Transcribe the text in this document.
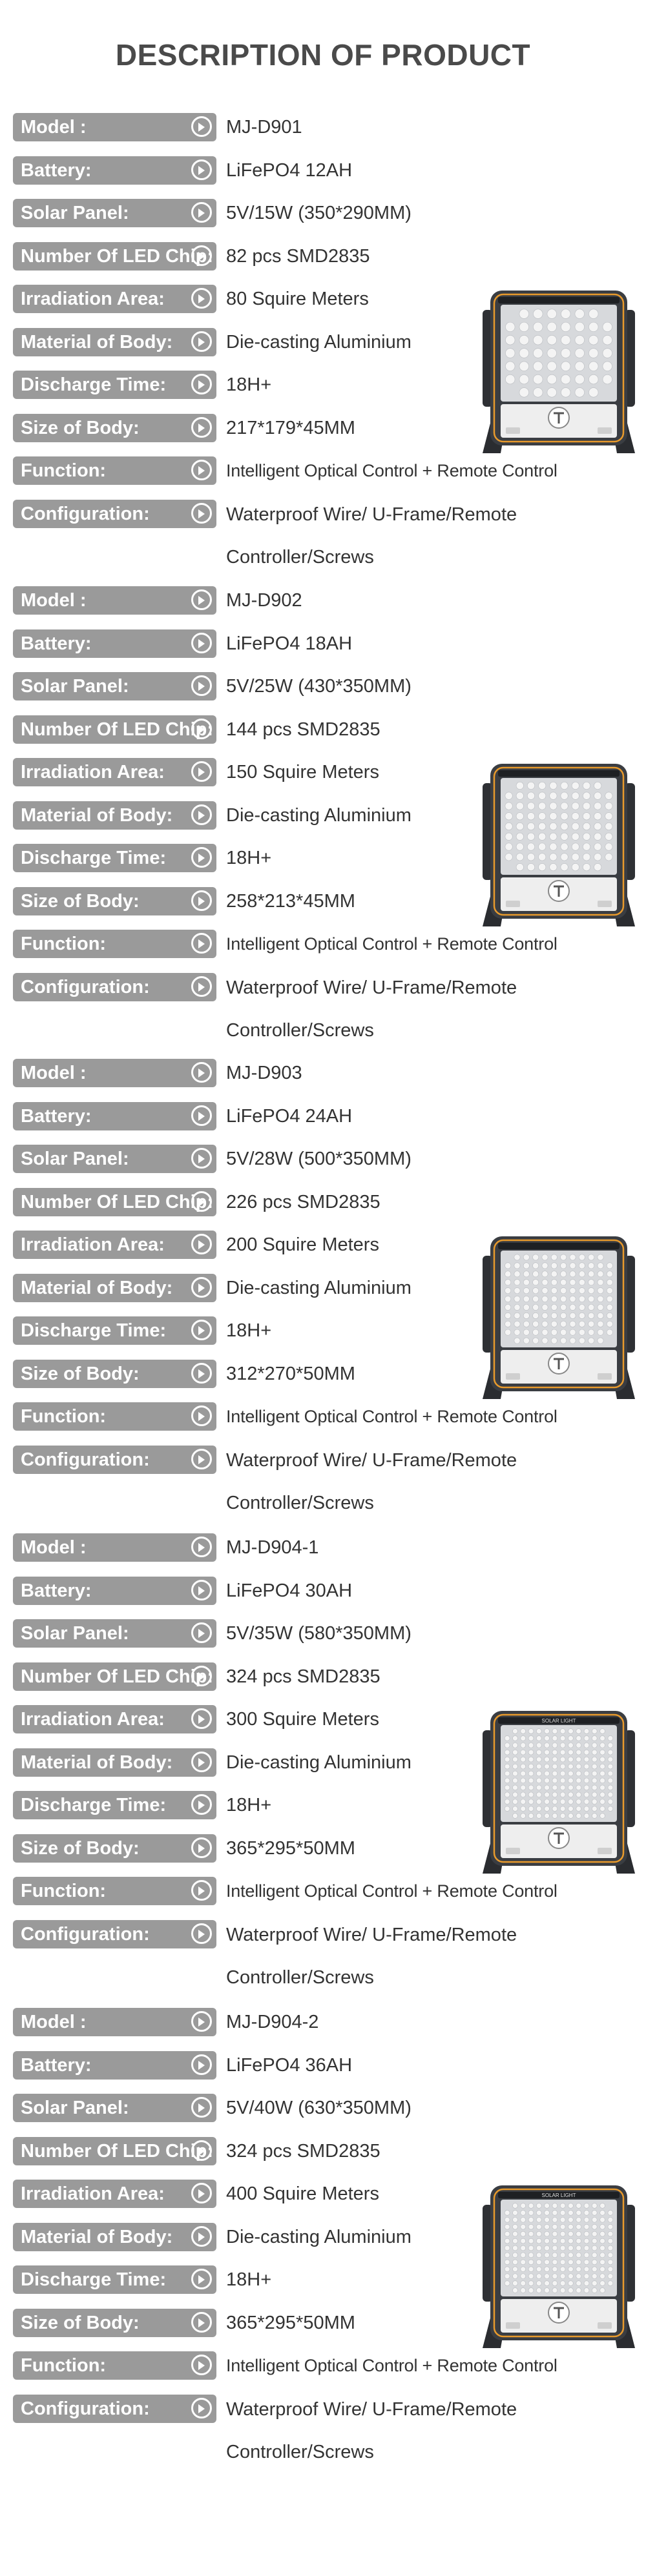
DESCRIPTION OF PRODUCT
Model :	MJ-D901
Battery:	LiFePO4 12AH
Solar Panel:	5V/15W (350*290MM)
Number Of LED Chip: 82 pcs SMD2835
Irradiation Area:	80 Squire Meters
Material of Body:	Die-casting Aluminium
Discharge Time:	18H+
Size of Body:	217*179*45MM
Function:	Intelligent Optical Control + Remote Control
Configuration:	Waterproof Wire/ U-Frame/Remote Controller/Screws
Model :	MJ-D902
Battery:	LiFePO4 18AH
Solar Panel:	5V/25W (430*350MM)
Number Of LED Chip: 144 pcs SMD2835
Irradiation Area:	150 Squire Meters
Material of Body:	Die-casting Aluminium
Discharge Time:	18H+
Size of Body:	258*213*45MM
Function:	Intelligent Optical Control + Remote Control
Configuration:	Waterproof Wire/ U-Frame/Remote Controller/Screws
Model :	MJ-D903
Battery:	LiFePO4 24AH
Solar Panel:	5V/28W (500*350MM)
Number Of LED Chip: 226 pcs SMD2835
Irradiation Area:	200 Squire Meters
Material of Body:	Die-casting Aluminium
Discharge Time:	18H+
Size of Body:	312*270*50MM
Function:	Intelligent Optical Control + Remote Control
Configuration:	Waterproof Wire/ U-Frame/Remote Controller/Screws
Model :	MJ-D904-1
Battery:	LiFePO4 30AH
Solar Panel:	5V/35W (580*350MM)
Number Of LED Chip: 324 pcs SMD2835
Irradiation Area:	300 Squire Meters
Material of Body:	Die-casting Aluminium
Discharge Time:	18H+
Size of Body:	365*295*50MM
Function:	Intelligent Optical Control + Remote Control
Configuration:	Waterproof Wire/ U-Frame/Remote Controller/Screws
SOLAR LIGHT
Model :	MJ-D904-2
Battery:	LiFePO4 36AH
Solar Panel:	5V/40W (630*350MM)
Number Of LED Chip: 324 pcs SMD2835
Irradiation Area:	400 Squire Meters
Material of Body:	Die-casting Aluminium
Discharge Time:	18H+
Size of Body:	365*295*50MM
Function:	Intelligent Optical Control + Remote Control
Configuration:	Waterproof Wire/ U-Frame/Remote Controller/Screws
SOLAR LIGHT
